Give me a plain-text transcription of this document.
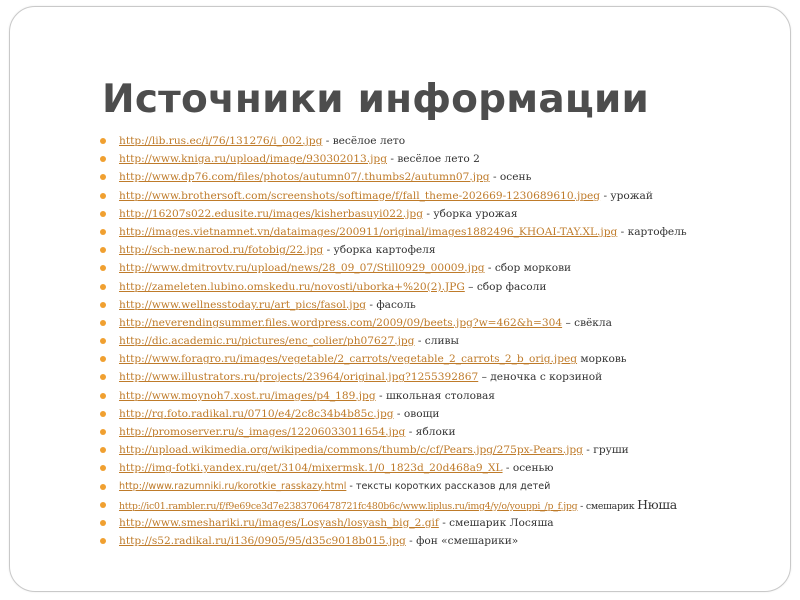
Источники информации
http://lib.rus.ec/i/76/131276/i_002.jpg - весёлое лето
http://www.kniga.ru/upload/image/930302013.jpg - весёлое лето 2
http://www.dp76.com/files/photos/autumn07/.thumbs2/autumn07.jpg - осень
http://www.brothersoft.com/screenshots/softimage/f/fall_theme-202669-1230689610.jpeg - урожай
http://16207s022.edusite.ru/images/kisherbasuyi022.jpg - уборка урожая
http://images.vietnamnet.vn/dataimages/200911/original/images1882496_KHOAI-TAY.XL.jpg - картофель
http://sch-new.narod.ru/fotobig/22.jpg - уборка картофеля
http://www.dmitrovtv.ru/upload/news/28_09_07/Still0929_00009.jpg - сбор моркови
http://zameleten.lubino.omskedu.ru/novosti/uborka+%20(2).JPG – сбор фасоли
http://www.wellnesstoday.ru/art_pics/fasol.jpg - фасоль
http://neverendingsummer.files.wordpress.com/2009/09/beets.jpg?w=462&h=304 – свёкла
http://dic.academic.ru/pictures/enc_colier/ph07627.jpg - сливы
http://www.foragro.ru/images/vegetable/2_carrots/vegetable_2_carrots_2_b_orig.jpeg морковь
http://www.illustrators.ru/projects/23964/original.jpg?1255392867 – деночка с корзиной
http://www.moynoh7.xost.ru/images/p4_189.jpg - школьная столовая
http://rq.foto.radikal.ru/0710/e4/2c8c34b4b85c.jpg - овощи
http://promoserver.ru/s_images/12206033011654.jpg - яблоки
http://upload.wikimedia.org/wikipedia/commons/thumb/c/cf/Pears.jpg/275px-Pears.jpg - груши
http://img-fotki.yandex.ru/get/3104/mixermsk.1/0_1823d_20d468a9_XL - осенью
http://www.razumniki.ru/korotkie_rasskazy.html - тексты коротких рассказов для детей
http://ic01.rambler.ru/f/f9e69ce3d7e2383706478721fc480b6c/www.liplus.ru/img4/y/o/youppi_/p_f.jpg - смешарик Нюша
http://www.smeshariki.ru/images/Losyash/losyash_big_2.gif - смешарик Лосяша
http://s52.radikal.ru/i136/0905/95/d35c9018b015.jpg - фон «смешарики»
